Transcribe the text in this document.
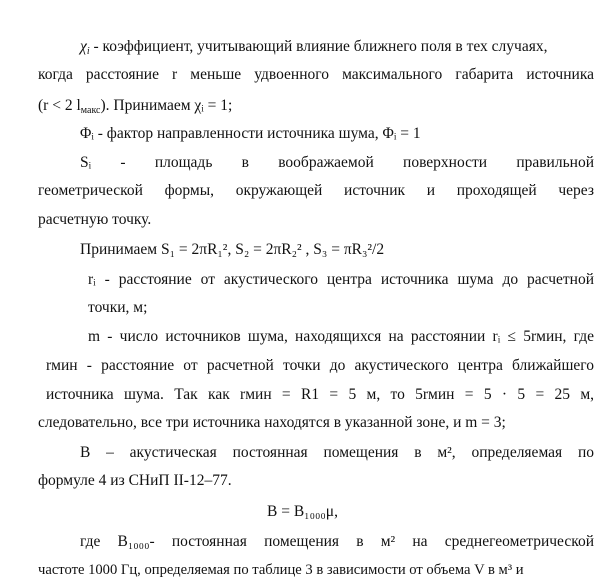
χi - коэффициент, учитывающий влияние ближнего поля в тех случаях,
когда расстояние r меньше удвоенного максимального габарита источника
(r < 2 $l_{макс}$). Принимаем χᵢ = 1;
Φᵢ - фактор направленности источника шума, Φᵢ = 1
Sᵢ - площадь в воображаемой поверхности правильной
геометрической формы, окружающей источник и проходящей через
расчетную точку.
Принимаем S₁ = 2πR₁², S₂ = 2πR₂² , S₃ = πR₃²/2
rᵢ - расстояние от акустического центра источника шума до расчетной
точки, м;
m - число источников шума, находящихся на расстоянии rᵢ ≤ 5rмин, где
rмин - расстояние от расчетной точки до акустического центра ближайшего
источника шума. Так как rмин = R1 = 5 м, то 5rмин = 5 · 5 = 25 м,
следовательно, все три источника находятся в указанной зоне, и m = 3;
B – акустическая постоянная помещения в м², определяемая по
формуле 4 из СНиП II-12–77.
B = B₁₀₀₀μ,
где B₁₀₀₀- постоянная помещения в м² на среднегеометрической
частоте 1000 Гц, определяемая по таблице 3 в зависимости от объема V в м³ и
